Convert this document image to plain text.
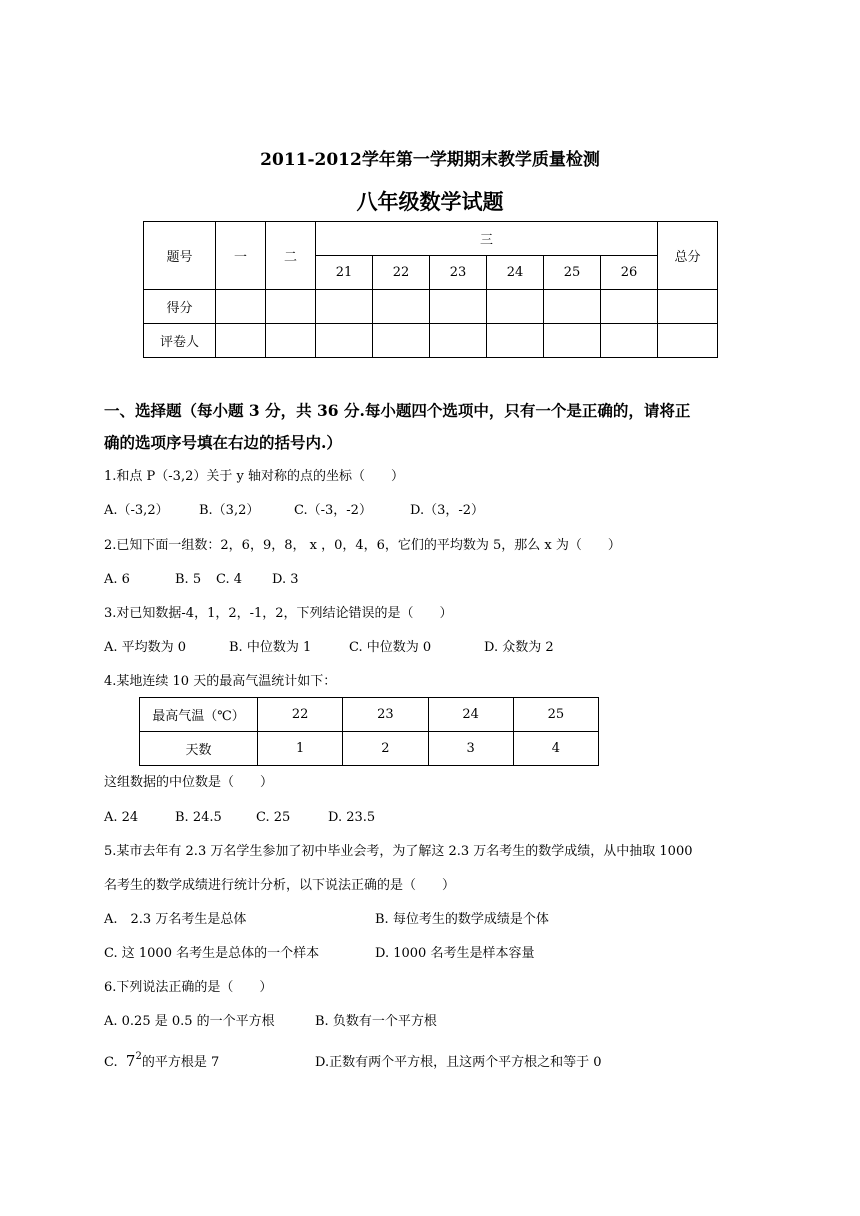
2011-2012学年第一学期期末教学质量检测
八年级数学试题
题号	一	二	三						总分
			21	22	23	24	25	26	
得分									
评卷人									
一、选择题（每小题 3 分，共 36 分.每小题四个选项中，只有一个是正确的，请将正
确的选项序号填在右边的括号内.）
1.和点 P（-3,2）关于 y 轴对称的点的坐标（　　）
A.（-3,2） B.（3,2）	C.（-3，-2）	D.（3，-2）
2.已知下面一组数：2，6，9，8， x ，0，4，6，它们的平均数为 5，那么 x 为（　　）
A. 6	B. 5 C. 4 D. 3
3.对已知数据-4，1，2，-1，2，下列结论错误的是（　　）
A. 平均数为 0	B. 中位数为 1	C. 中位数为 0	D. 众数为 2
4.某地连续 10 天的最高气温统计如下：
最高气温（℃）	22	23	24	25
天数	1	2	3	4
这组数据的中位数是（　　）
A. 24	B. 24.5	C. 25	D. 23.5
5.某市去年有 2.3 万名学生参加了初中毕业会考，为了解这 2.3 万名考生的数学成绩，从中抽取 1000
名考生的数学成绩进行统计分析，以下说法正确的是（　　）
A.　2.3 万名考生是总体	B. 每位考生的数学成绩是个体
C. 这 1000 名考生是总体的一个样本	D. 1000 名考生是样本容量
6.下列说法正确的是（　　）
A. 0.25 是 0.5 的一个平方根	B. 负数有一个平方根
C.  $7^2$的平方根是 7	D.正数有两个平方根，且这两个平方根之和等于 0
